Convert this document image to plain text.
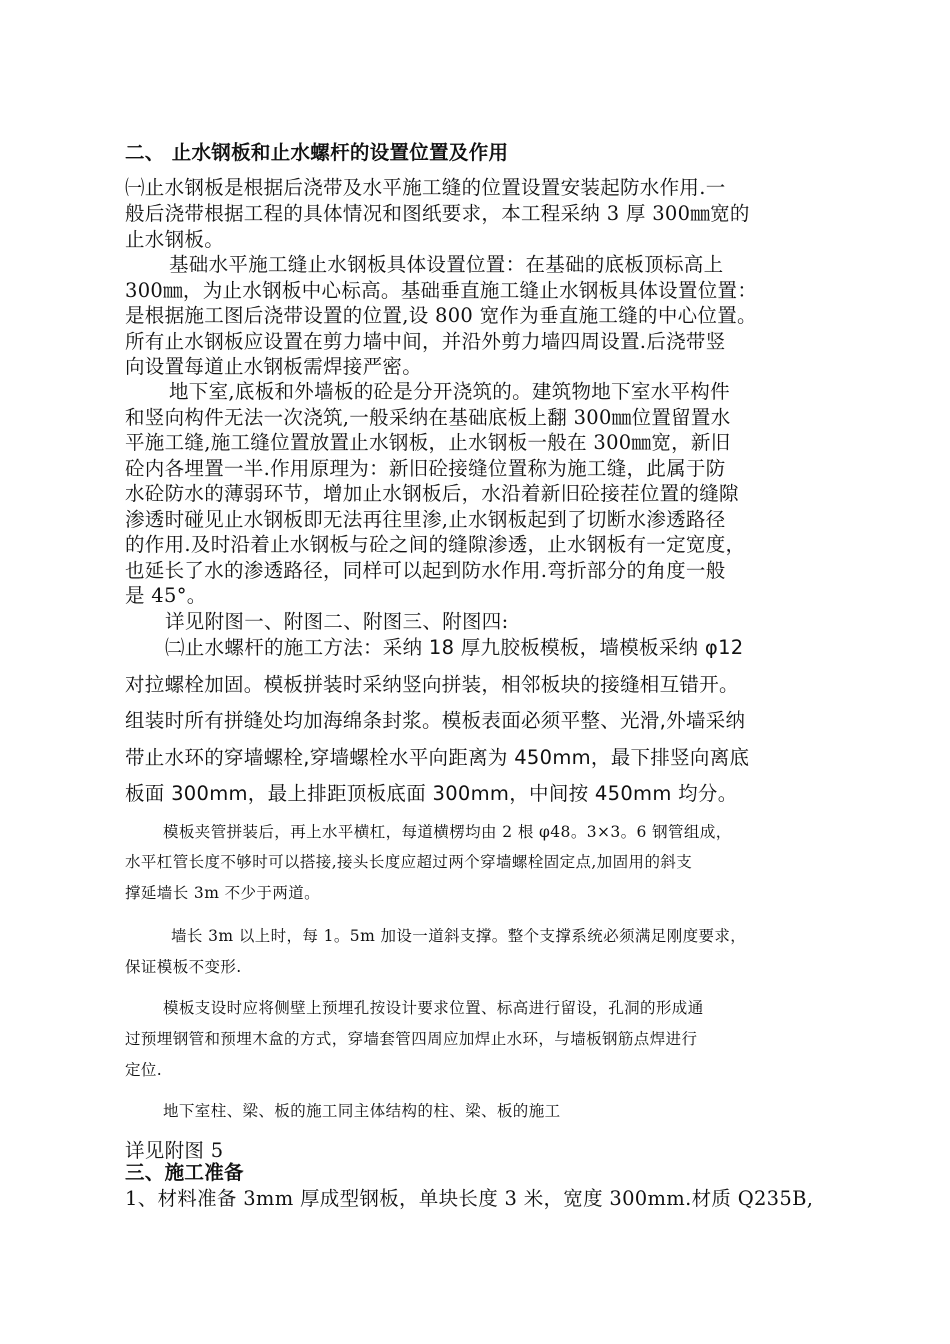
二、 止水钢板和止水螺杆的设置位置及作用
㈠止水钢板是根据后浇带及水平施工缝的位置设置安装起防水作用.一
般后浇带根据工程的具体情况和图纸要求，本工程采纳 3 厚 300㎜宽的
止水钢板。
基础水平施工缝止水钢板具体设置位置：在基础的底板顶标高上
300㎜，为止水钢板中心标高。基础垂直施工缝止水钢板具体设置位置：
是根据施工图后浇带设置的位置,设 800 宽作为垂直施工缝的中心位置。
所有止水钢板应设置在剪力墙中间，并沿外剪力墙四周设置.后浇带竖
向设置每道止水钢板需焊接严密。
地下室,底板和外墙板的砼是分开浇筑的。建筑物地下室水平构件
和竖向构件无法一次浇筑,一般采纳在基础底板上翻 300㎜位置留置水
平施工缝,施工缝位置放置止水钢板，止水钢板一般在 300㎜宽，新旧
砼内各埋置一半.作用原理为：新旧砼接缝位置称为施工缝，此属于防
水砼防水的薄弱环节，增加止水钢板后，水沿着新旧砼接茬位置的缝隙
渗透时碰见止水钢板即无法再往里渗,止水钢板起到了切断水渗透路径
的作用.及时沿着止水钢板与砼之间的缝隙渗透，止水钢板有一定宽度，
也延长了水的渗透路径，同样可以起到防水作用.弯折部分的角度一般
是 45°。
详见附图一、附图二、附图三、附图四:
㈡止水螺杆的施工方法：采纳 18 厚九胶板模板，墙模板采纳 φ12
对拉螺栓加固。模板拼装时采纳竖向拼装，相邻板块的接缝相互错开。
组装时所有拼缝处均加海绵条封浆。模板表面必须平整、光滑,外墙采纳
带止水环的穿墙螺栓,穿墙螺栓水平向距离为 450mm，最下排竖向离底
板面 300mm，最上排距顶板底面 300mm，中间按 450mm 均分。
模板夹管拼装后，再上水平横杠，每道横楞均由 2 根 φ48。3×3。6 钢管组成，
水平杠管长度不够时可以搭接,接头长度应超过两个穿墙螺栓固定点,加固用的斜支
撑延墙长 3m 不少于两道。
墙长 3m 以上时，每 1。5m 加设一道斜支撑。整个支撑系统必须满足刚度要求，
保证模板不变形.
模板支设时应将侧壁上预埋孔按设计要求位置、标高进行留设，孔洞的形成通
过预埋钢管和预埋木盒的方式，穿墙套管四周应加焊止水环，与墙板钢筋点焊进行
定位.
地下室柱、梁、板的施工同主体结构的柱、梁、板的施工
详见附图 5
三、施工准备
1、材料准备 3mm 厚成型钢板，单块长度 3 米，宽度 300mm.材质 Q235B,
